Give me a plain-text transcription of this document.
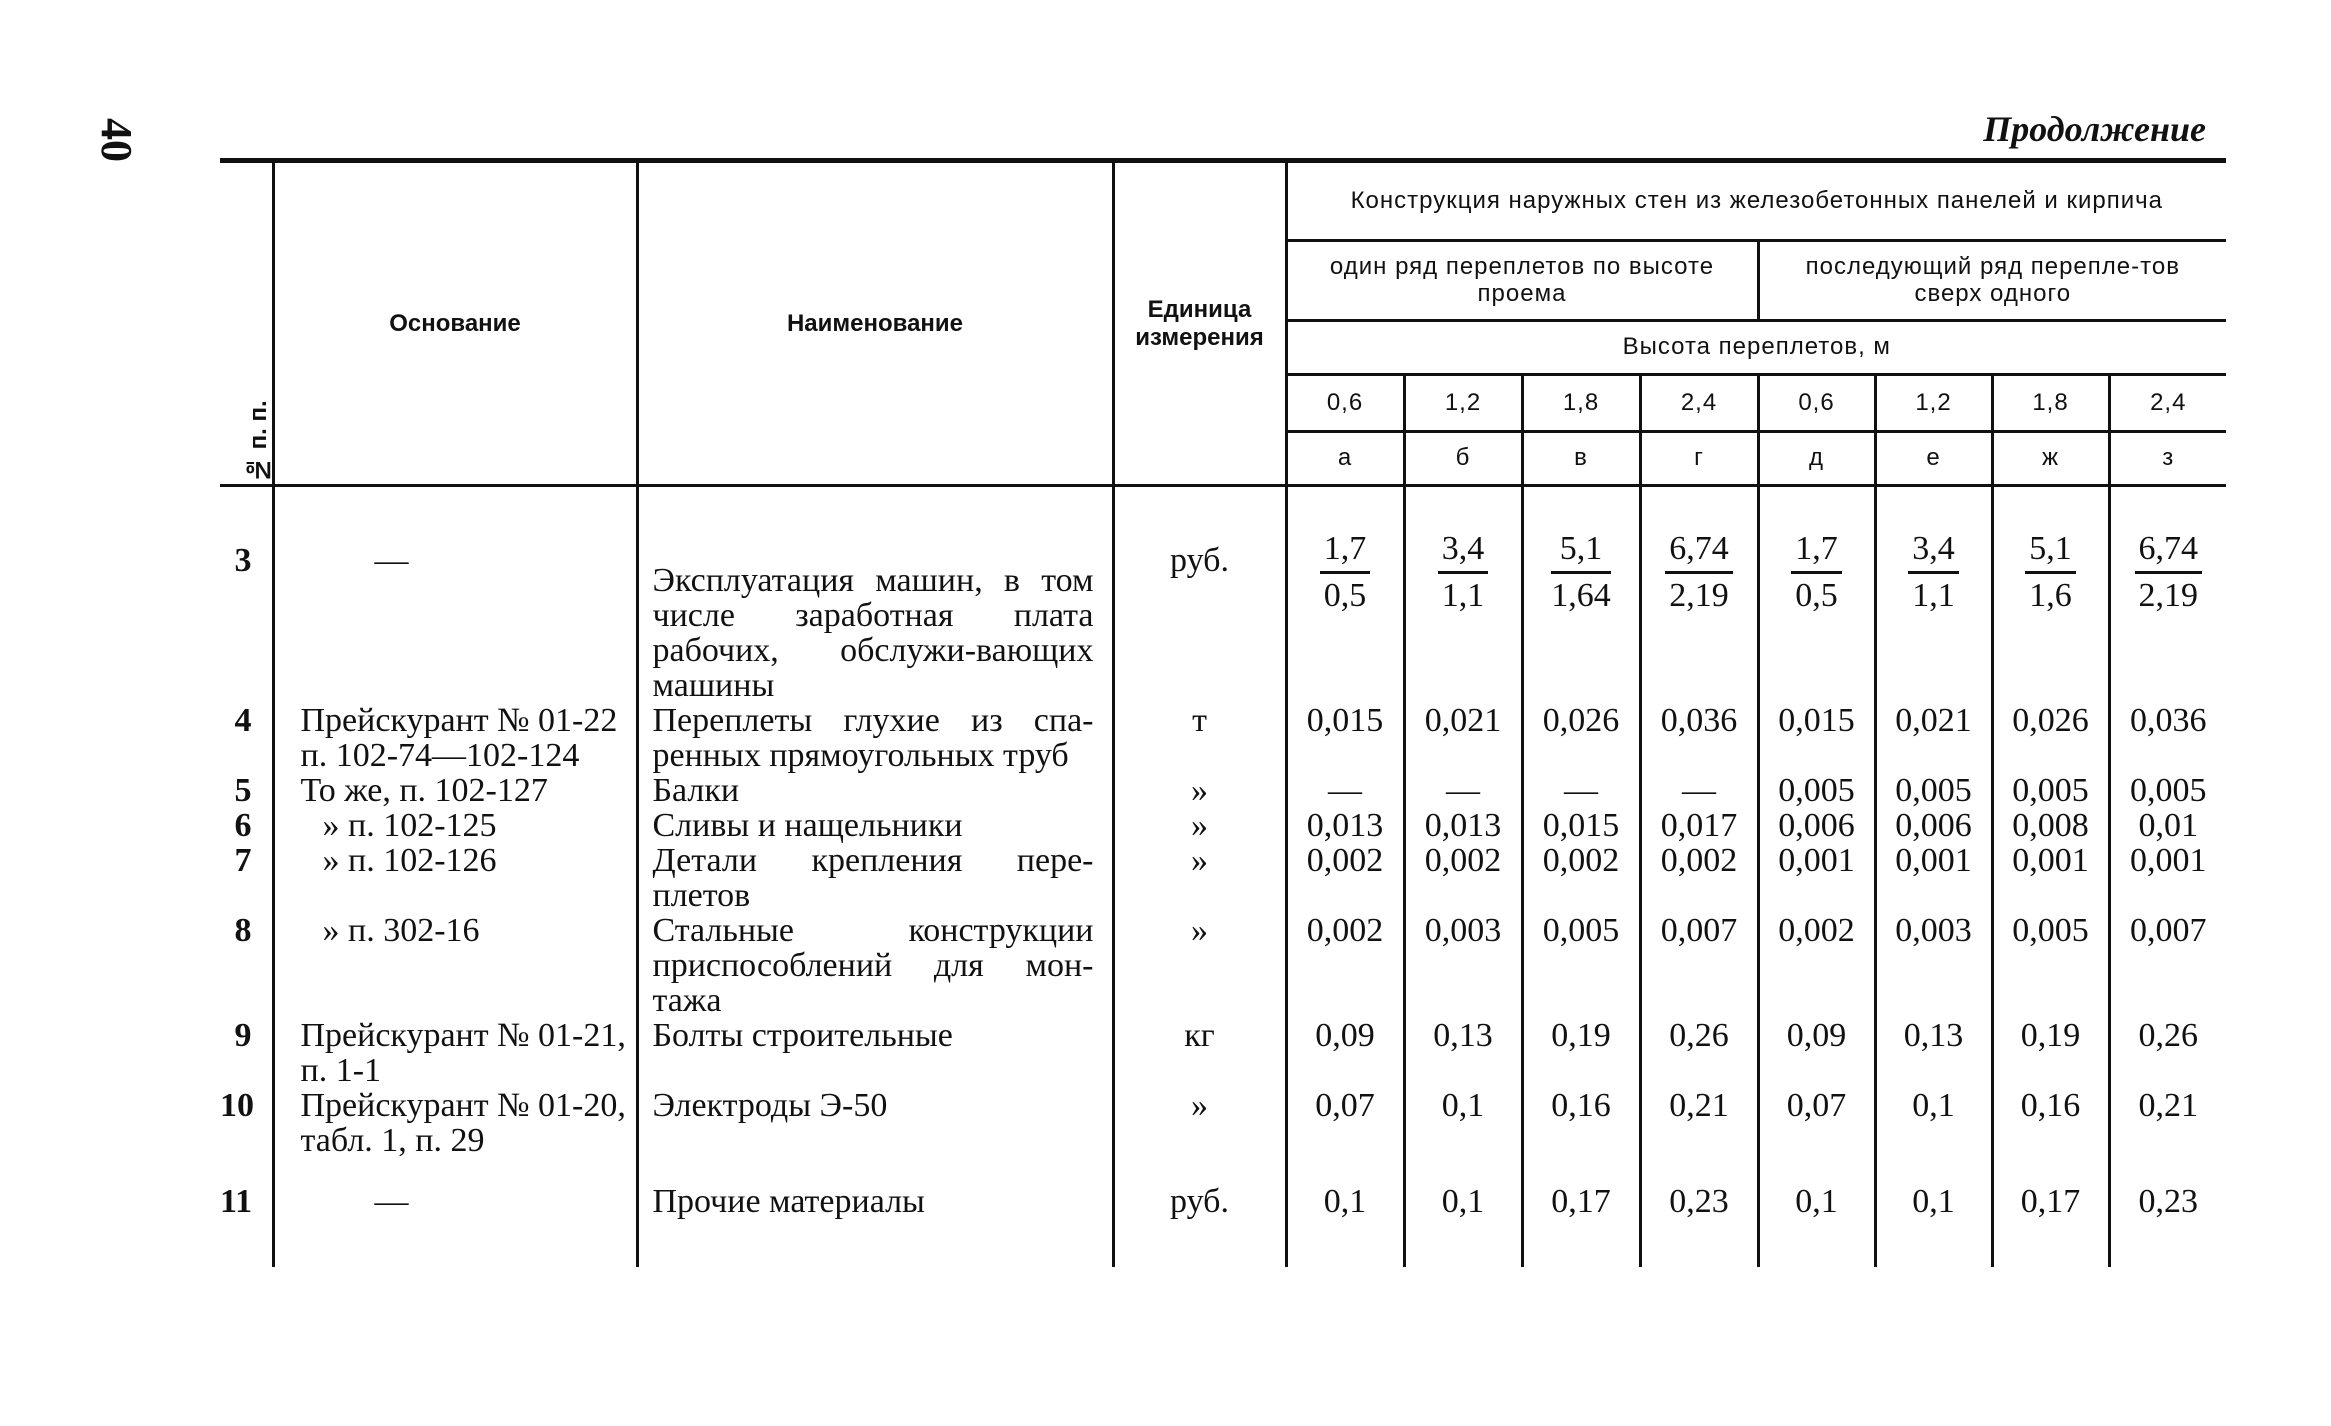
40	Продолжение
№ п. п.	Основание	Наименование	Единица измерения	Конструкция наружных стен из железобетонных панелей и кирпича							
				один ряд переплетов по высоте проема				последующий ряд перепле-тов сверх одного			
				Высота переплетов, м							
				0,6	1,2	1,8	2,4	0,6	1,2	1,8	2,4
				а	б	в	г	д	е	ж	з
3	—	Эксплуатация машин, в том числе заработная плата рабочих, обслужи-вающих машины	руб.	$\frac{1,7}{0,5}$	$\frac{3,4}{1,1}$	$\frac{5,1}{1,64}$	$\frac{6,74}{2,19}$	$\frac{1,7}{0,5}$	$\frac{3,4}{1,1}$	$\frac{5,1}{1,6}$	$\frac{6,74}{2,19}$

4	Прейскурант № 01-22 п. 102-74—102-124	Переплеты глухие из спа-ренных прямоугольных труб	т	0,015	0,021	0,026	0,036	0,015	0,021	0,026	0,036
5	То же, п. 102-127	Балки	»	—	—	—	—	0,005	0,005	0,005	0,005
6	» п. 102-125	Сливы и нащельники	»	0,013	0,013	0,015	0,017	0,006	0,006	0,008	0,01
7	» п. 102-126	Детали крепления пере-плетов	»	0,002	0,002	0,002	0,002	0,001	0,001	0,001	0,001
8	» п. 302-16	Стальные конструкции приспособлений для мон-тажа	»	0,002	0,003	0,005	0,007	0,002	0,003	0,005	0,007
9	Прейскурант № 01-21, п. 1-1	Болты строительные	кг	0,09	0,13	0,19	0,26	0,09	0,13	0,19	0,26
10	Прейскурант № 01-20, табл. 1, п. 29	Электроды Э-50	»	0,07	0,1	0,16	0,21	0,07	0,1	0,16	0,21
11	—	Прочие материалы	руб.	0,1	0,1	0,17	0,23	0,1	0,1	0,17	0,23
